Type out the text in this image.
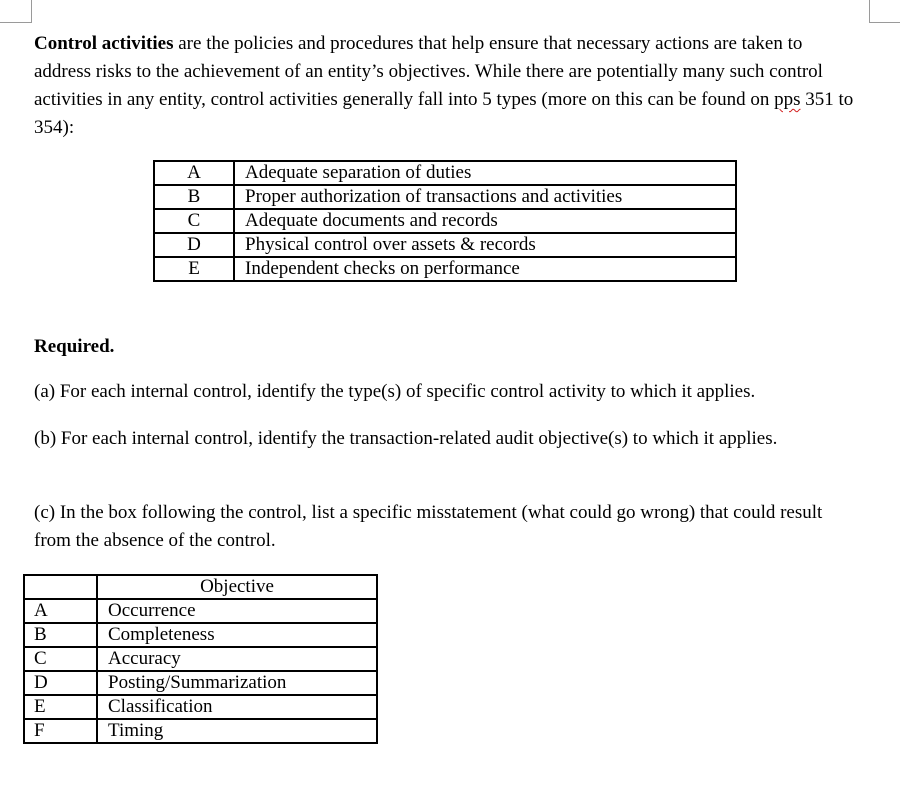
Control activities are the policies and procedures that help ensure that necessary actions are taken to address risks to the achievement of an entity’s objectives. While there are potentially many such control activities in any entity, control activities generally fall into 5 types (more on this can be found on pps 351 to 354):

A	Adequate separation of duties
B	Proper authorization of transactions and activities
C	Adequate documents and records
D	Physical control over assets & records
E	Independent checks on performance

Required.

(a) For each internal control, identify the type(s) of specific control activity to which it applies.

(b) For each internal control, identify the transaction-related audit objective(s) to which it applies.

(c) In the box following the control, list a specific misstatement (what could go wrong) that could result from the absence of the control.

	Objective
A	Occurrence
B	Completeness
C	Accuracy
D	Posting/Summarization
E	Classification
F	Timing
